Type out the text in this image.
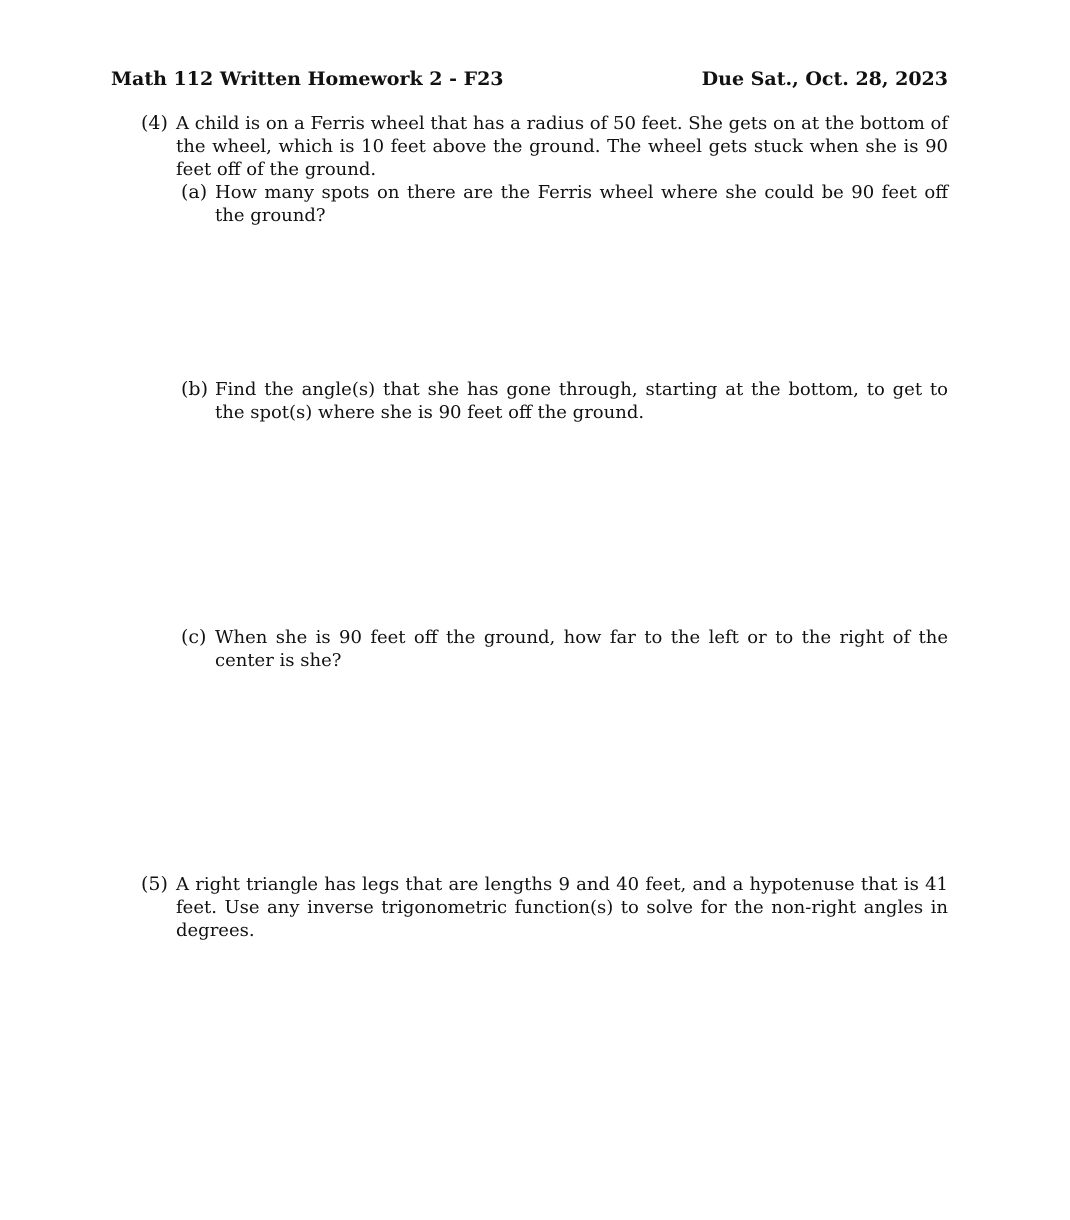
Math 112 Written Homework 2 - F23	Due Sat., Oct. 28, 2023
(4) A child is on a Ferris wheel that has a radius of 50 feet. She gets on at the bottom of the wheel, which is 10 feet above the ground. The wheel gets stuck when she is 90 feet off of the ground.
(a) How many spots on there are the Ferris wheel where she could be 90 feet off the ground?
(b) Find the angle(s) that she has gone through, starting at the bottom, to get to the spot(s) where she is 90 feet off the ground.
(c) When she is 90 feet off the ground, how far to the left or to the right of the center is she?
(5) A right triangle has legs that are lengths 9 and 40 feet, and a hypotenuse that is 41 feet. Use any inverse trigonometric function(s) to solve for the non-right angles in degrees.
